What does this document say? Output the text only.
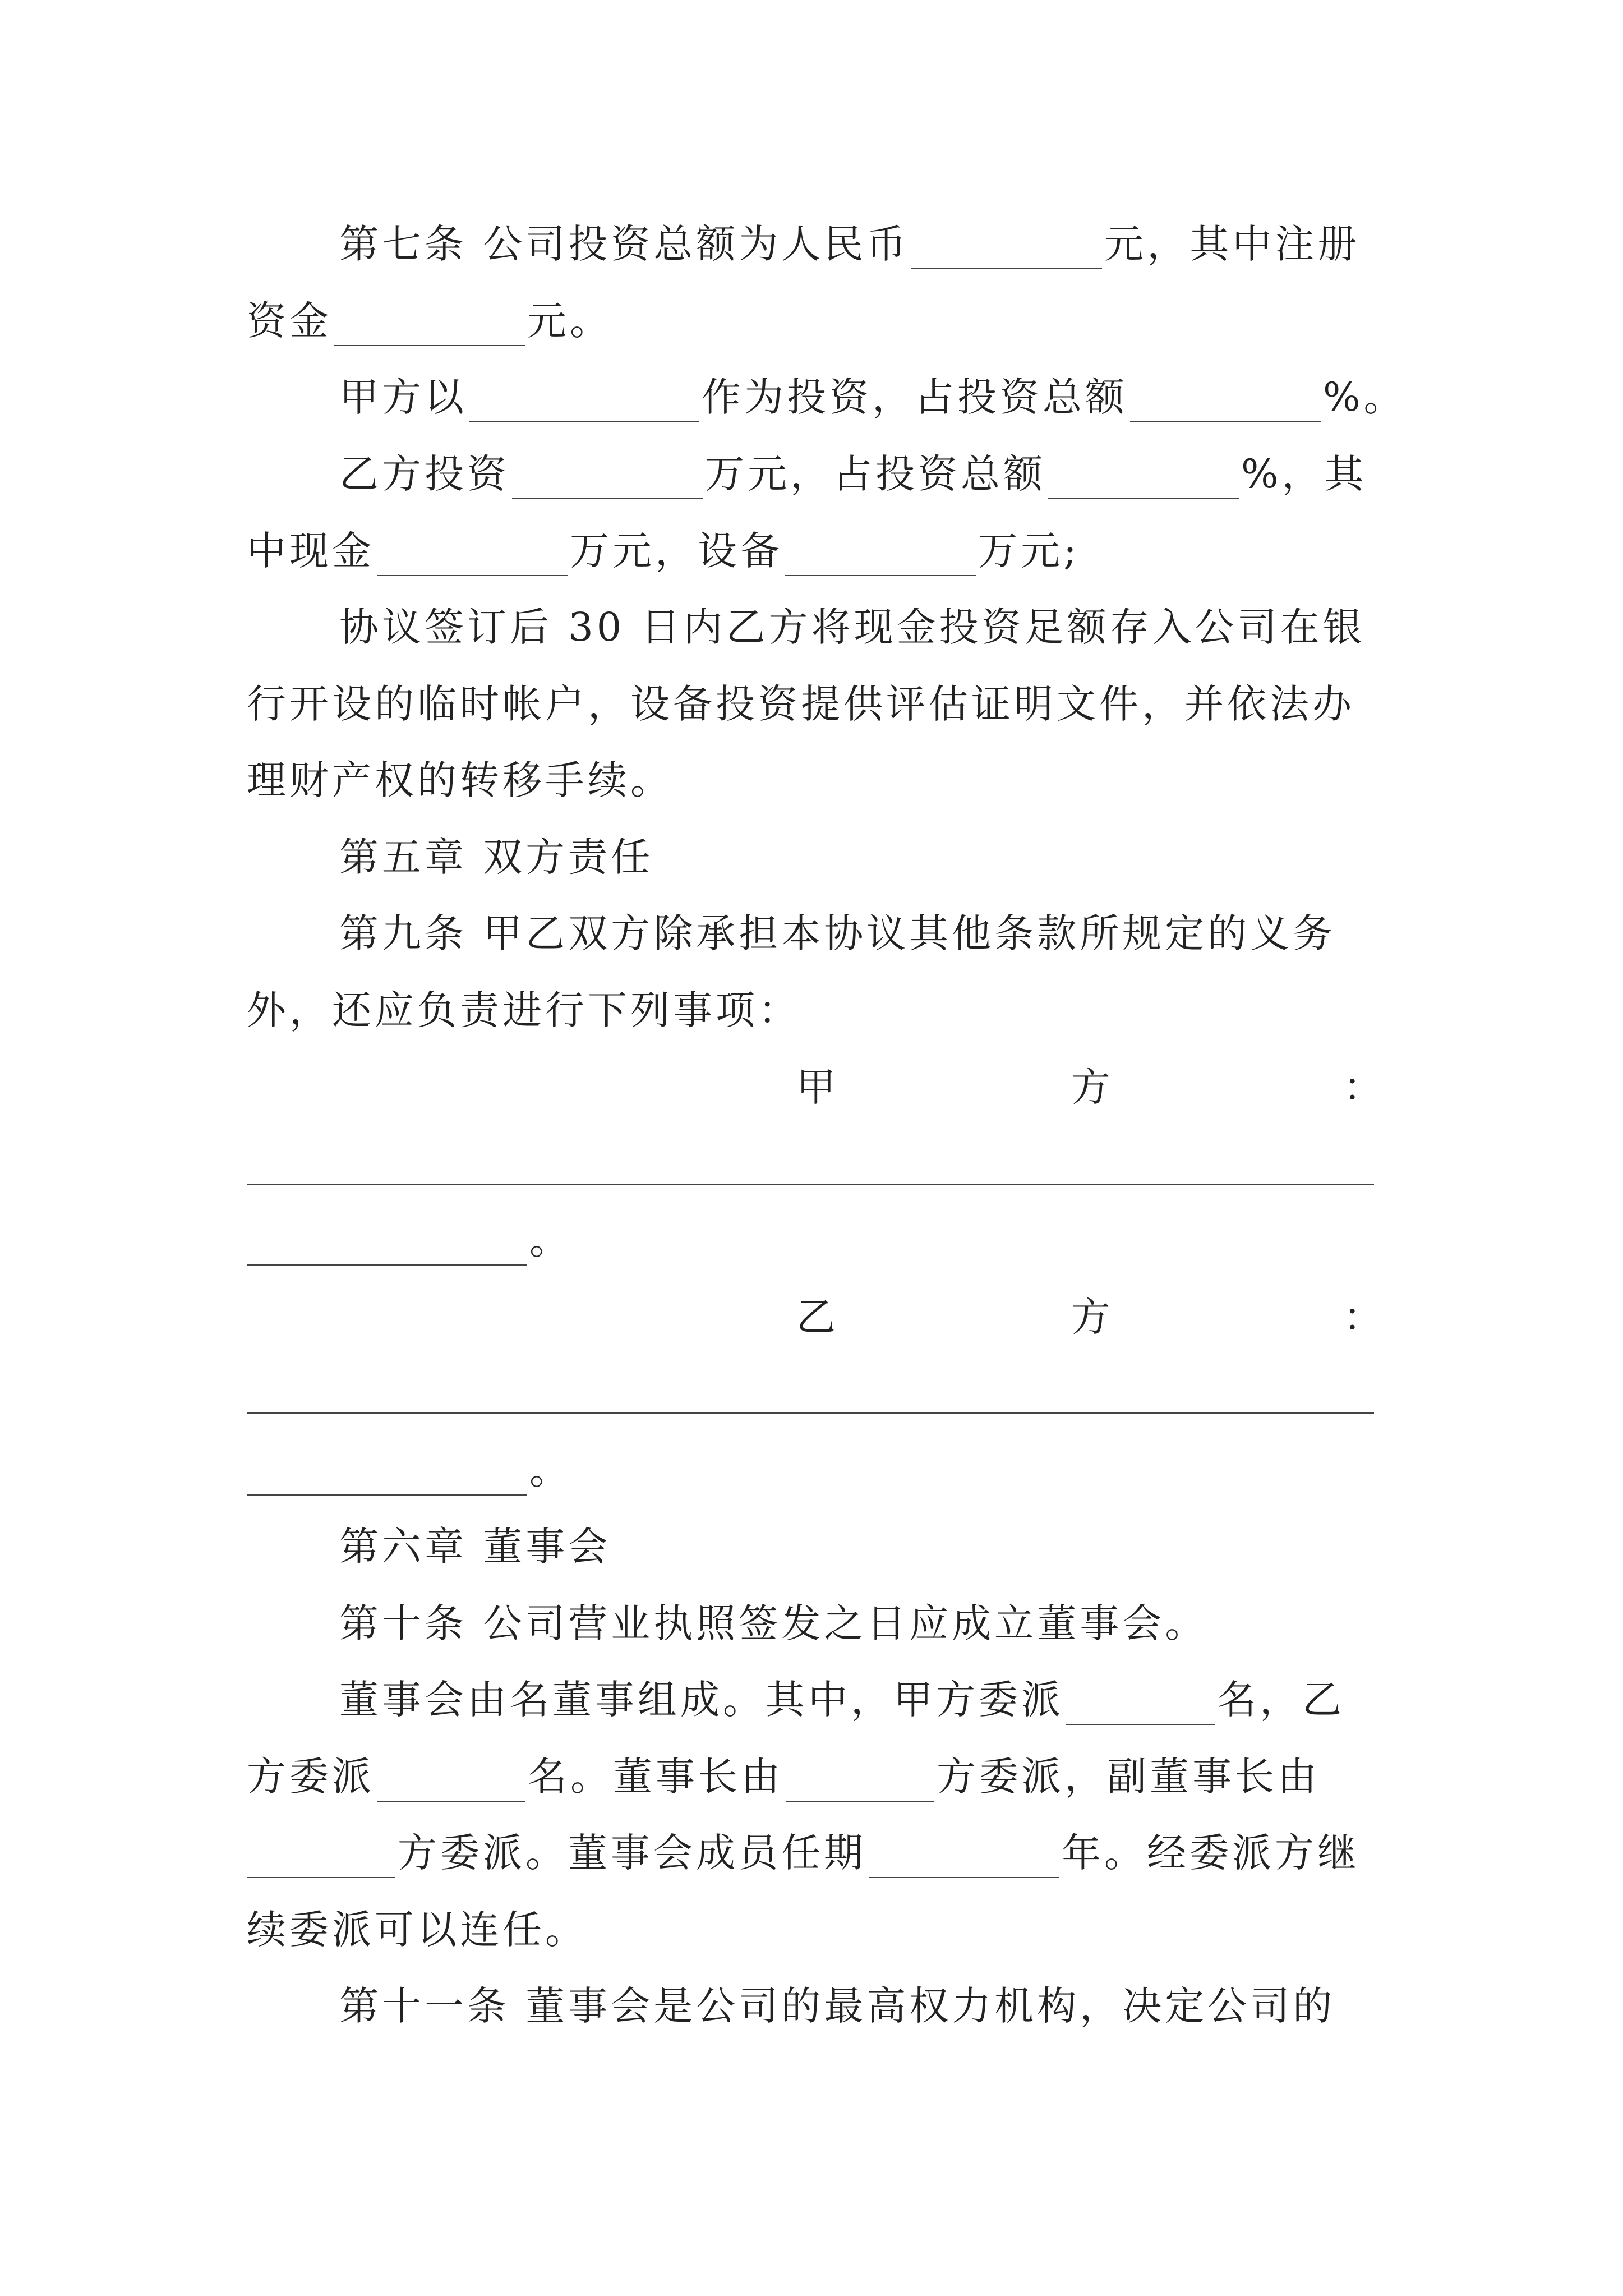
第七条 公司投资总额为人民币	元，其中注册
资金	元。
甲方以	作为投资，占投资总额	%。
乙方投资	万元，占投资总额	%，其
中现金	万元，设备	万元;
协议签订后 30 日内乙方将现金投资足额存入公司在银
行开设的临时帐户，设备投资提供评估证明文件，并依法办
理财产权的转移手续。
第五章 双方责任
第九条 甲乙双方除承担本协议其他条款所规定的义务
外，还应负责进行下列事项：
甲	方	：
。
乙	方	：
。
第六章 董事会
第十条 公司营业执照签发之日应成立董事会。
董事会由名董事组成。其中，甲方委派	名，乙
方委派	名。董事长由	方委派，副董事长由
方委派。董事会成员任期	年。经委派方继
续委派可以连任。
第十一条 董事会是公司的最高权力机构，决定公司的
